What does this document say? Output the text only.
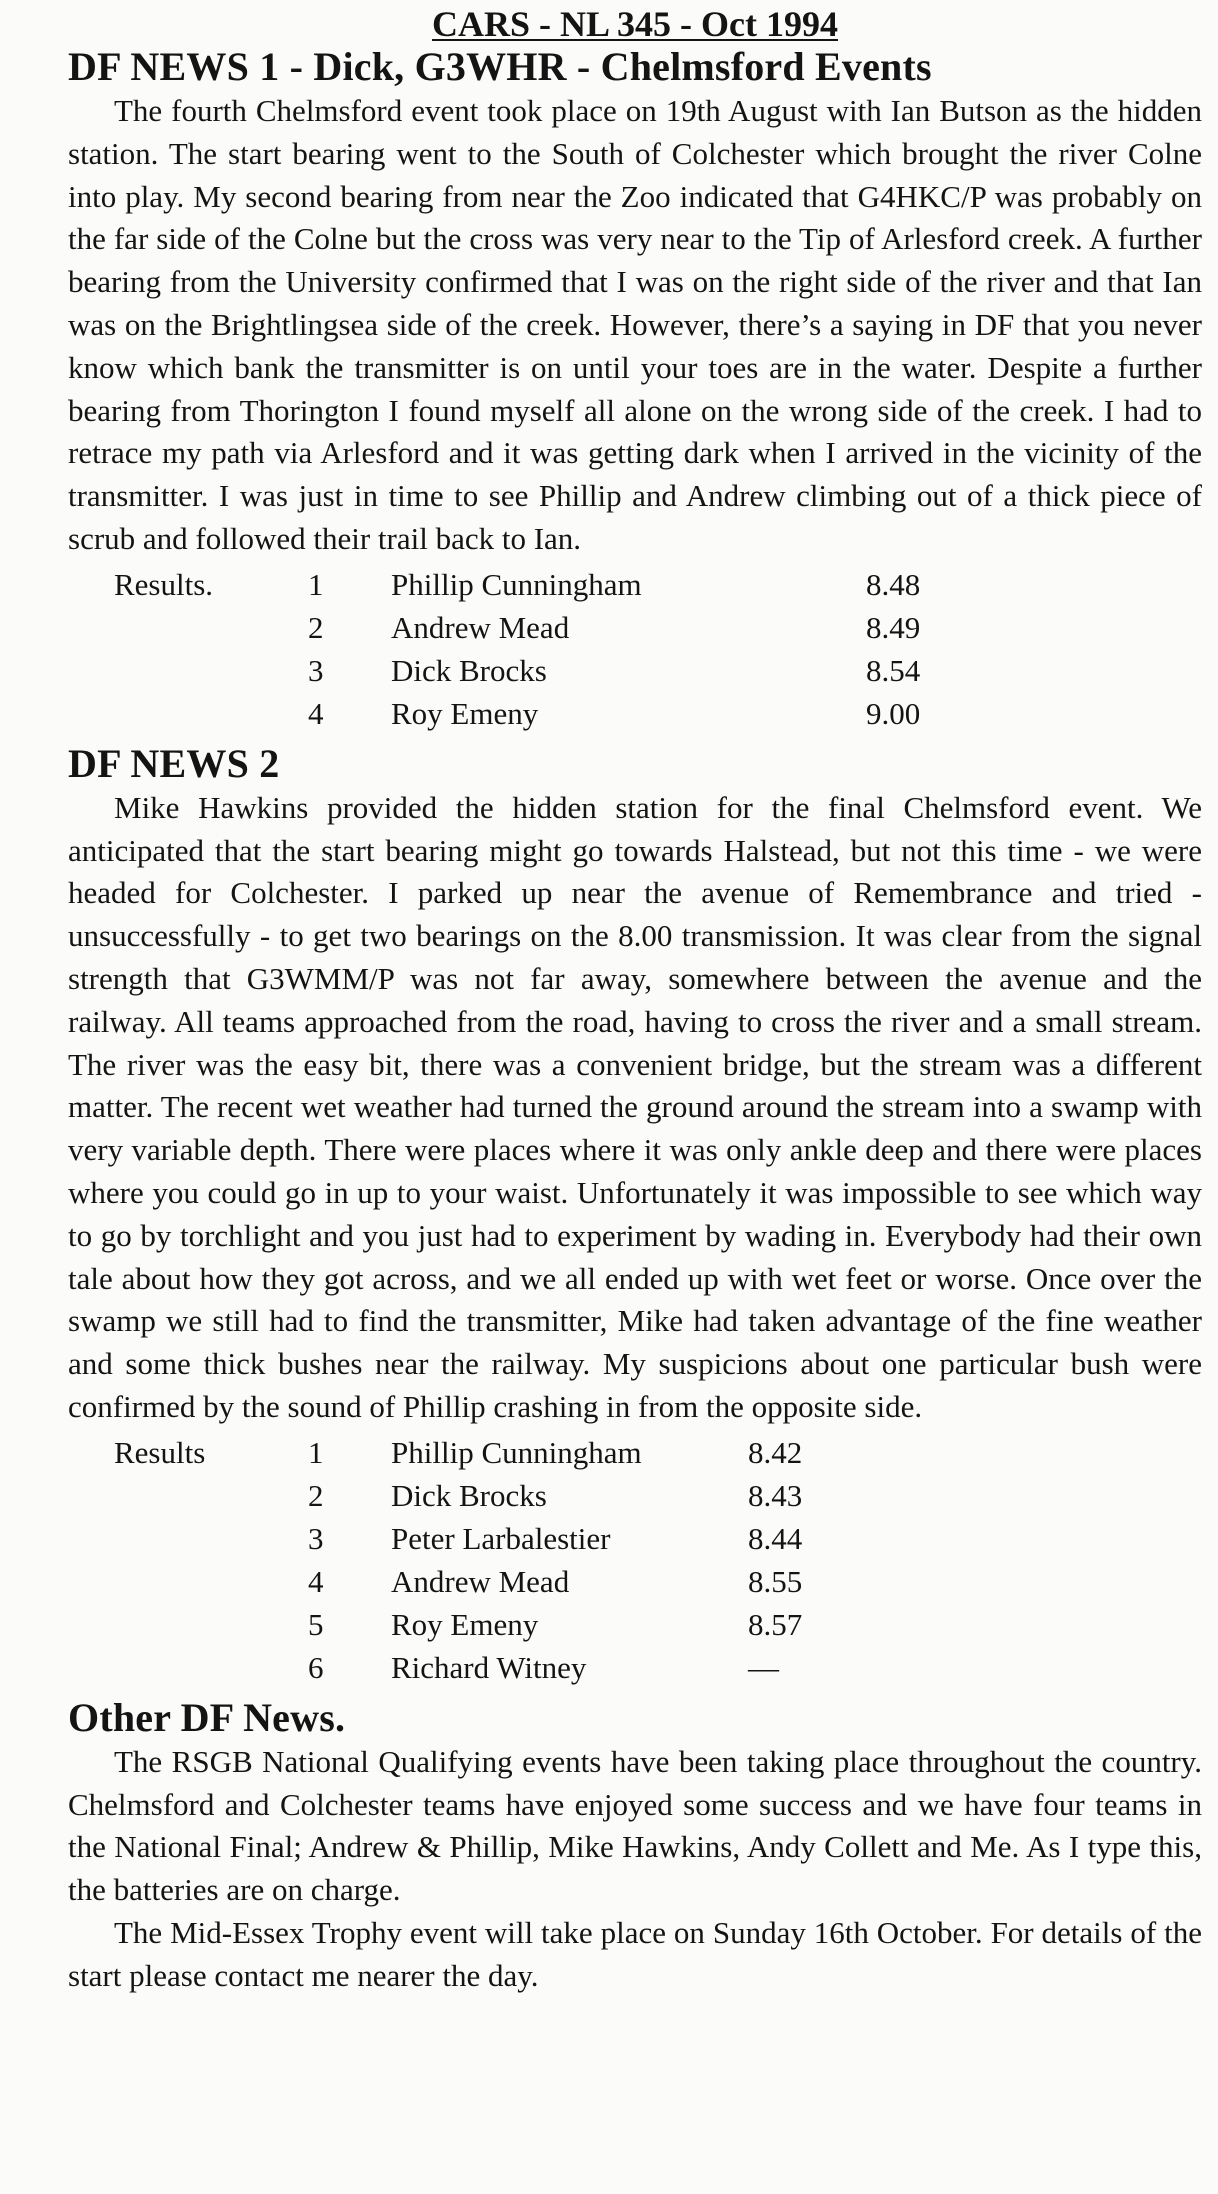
CARS - NL 345 - Oct 1994
DF NEWS 1 - Dick, G3WHR - Chelmsford Events

The fourth Chelmsford event took place on 19th August with Ian Butson as the hidden station. The start bearing went to the South of Colchester which brought the river Colne into play. My second bearing from near the Zoo indicated that G4HKC/P was probably on the far side of the Colne but the cross was very near to the Tip of Arlesford creek. A further bearing from the University confirmed that I was on the right side of the river and that Ian was on the Brightlingsea side of the creek. However, there’s a saying in DF that you never know which bank the transmitter is on until your toes are in the water. Despite a further bearing from Thorington I found myself all alone on the wrong side of the creek. I had to retrace my path via Arlesford and it was getting dark when I arrived in the vicinity of the transmitter. I was just in time to see Phillip and Andrew climbing out of a thick piece of scrub and followed their trail back to Ian.

Results.	1	Phillip Cunningham	8.48
2	Andrew Mead	8.49
3	Dick Brocks	8.54
4	Roy Emeny	9.00
DF NEWS 2

Mike Hawkins provided the hidden station for the final Chelmsford event. We anticipated that the start bearing might go towards Halstead, but not this time - we were headed for Colchester. I parked up near the avenue of Remembrance and tried - unsuccessfully - to get two bearings on the 8.00 transmission. It was clear from the signal strength that G3WMM/P was not far away, somewhere between the avenue and the railway. All teams approached from the road, having to cross the river and a small stream. The river was the easy bit, there was a convenient bridge, but the stream was a different matter. The recent wet weather had turned the ground around the stream into a swamp with very variable depth. There were places where it was only ankle deep and there were places where you could go in up to your waist. Unfortunately it was impossible to see which way to go by torchlight and you just had to experiment by wading in. Everybody had their own tale about how they got across, and we all ended up with wet feet or worse. Once over the swamp we still had to find the transmitter, Mike had taken advantage of the fine weather and some thick bushes near the railway. My suspicions about one particular bush were confirmed by the sound of Phillip crashing in from the opposite side.

Results	1	Phillip Cunningham	8.42
2	Dick Brocks	8.43
3	Peter Larbalestier	8.44
4	Andrew Mead	8.55
5	Roy Emeny	8.57
6	Richard Witney	—
Other DF News.

The RSGB National Qualifying events have been taking place throughout the country. Chelmsford and Colchester teams have enjoyed some success and we have four teams in the National Final; Andrew & Phillip, Mike Hawkins, Andy Collett and Me. As I type this, the batteries are on charge.

The Mid-Essex Trophy event will take place on Sunday 16th October. For details of the start please contact me nearer the day.
